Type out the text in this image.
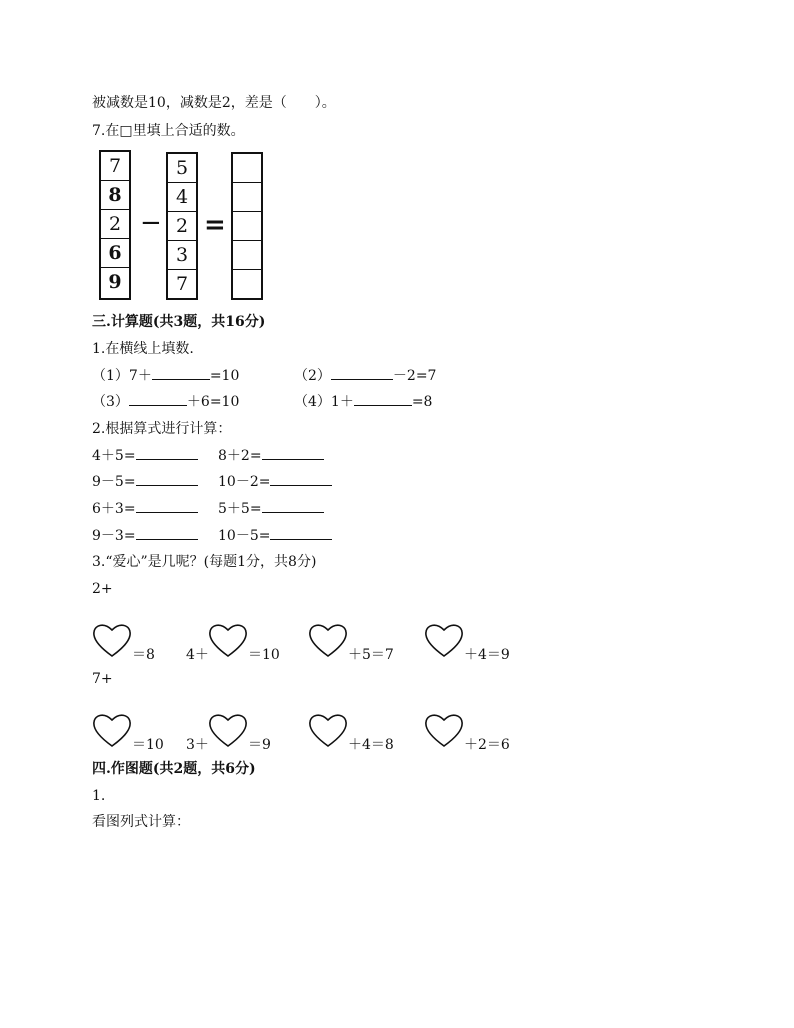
被减数是10，减数是2，差是（　　）。
7.在□里填上合适的数。
7
8
2
6
9
−
5
4
2
3
7
=
三.计算题(共3题，共16分)
1.在横线上填数.
（1）7＋	=10	（2）	－2=7
（3）	＋6=10	（4）1＋	=8
2.根据算式进行计算：
4＋5=	8＋2=
9－5=	10－2=
6＋3=	5＋5=
9－3=	10－5=
3.“爱心”是几呢？(每题1分，共8分)
2+
＝8 4＋	＝10	＋5＝7	＋4＝9
7+
＝10 3＋	＝9	＋4＝8	＋2＝6
四.作图题(共2题，共6分)
1.
看图列式计算：
